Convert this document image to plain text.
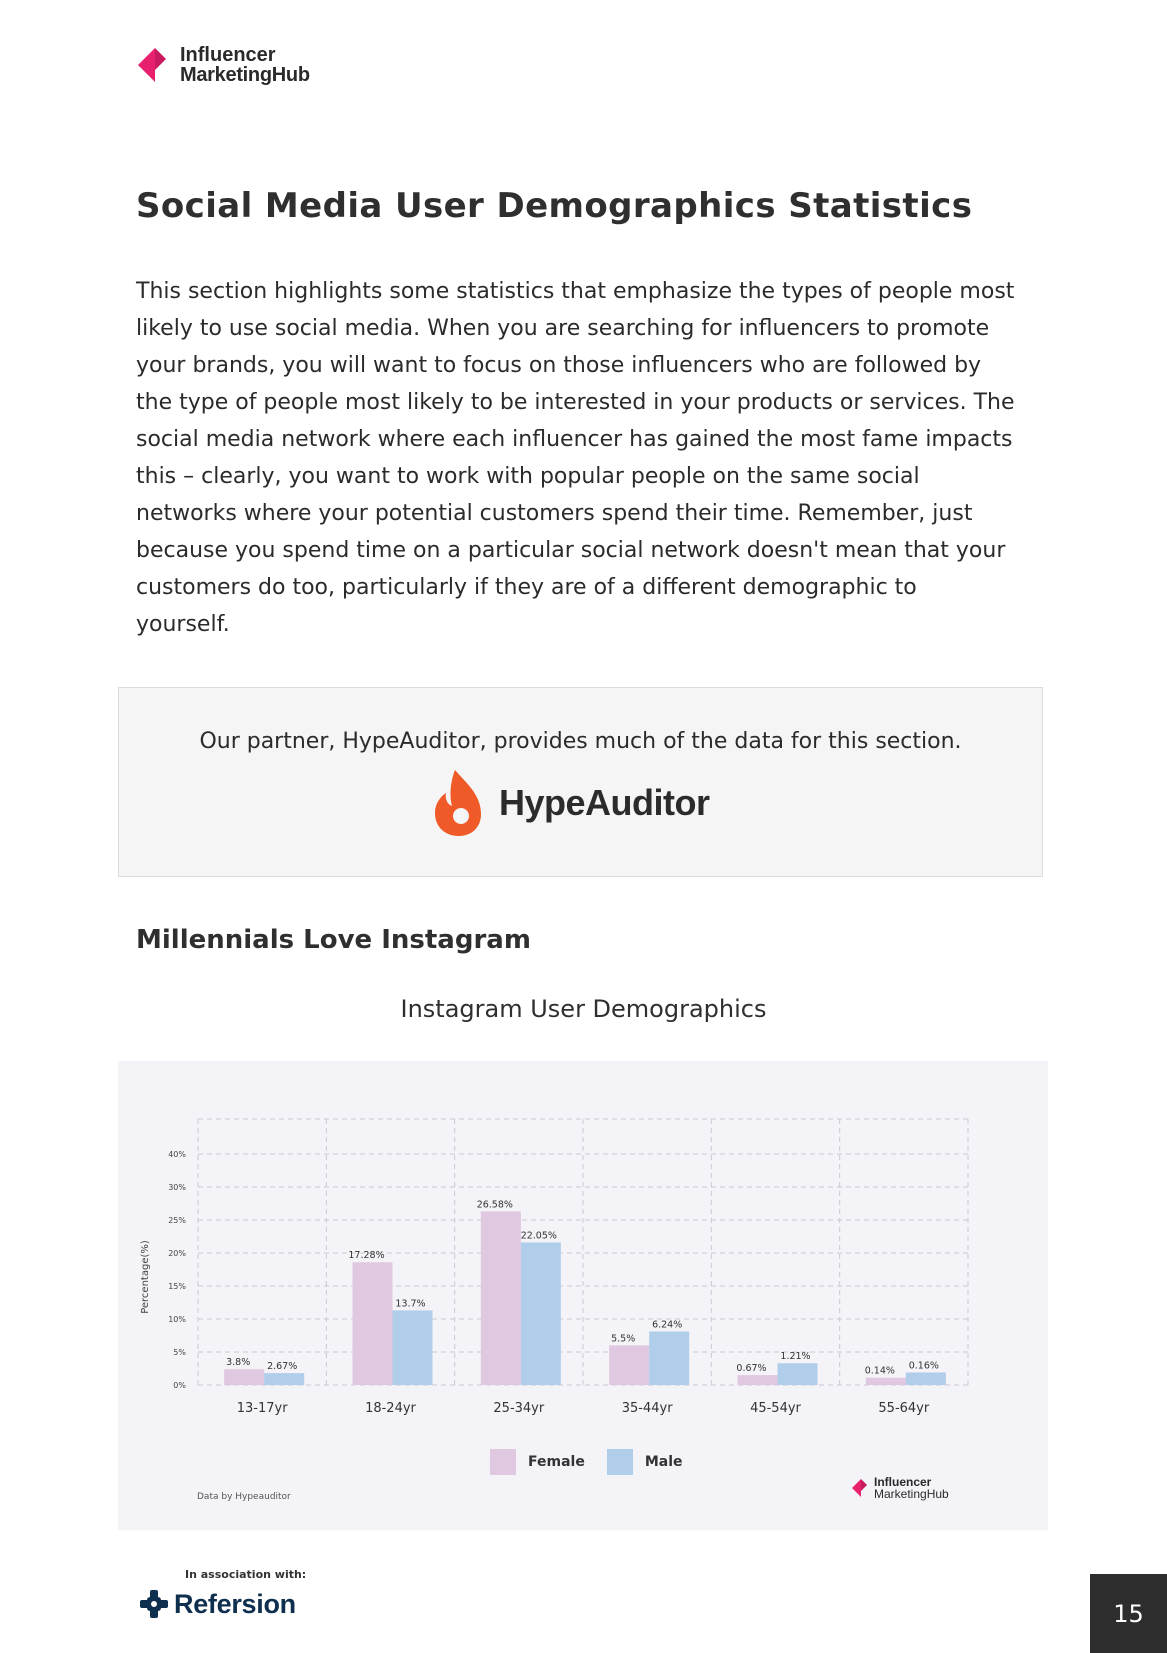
Influencer
MarketingHub
Social Media User Demographics Statistics

This section highlights some statistics that emphasize the types of people most likely to use social media. When you are searching for influencers to promote your brands, you will want to focus on those influencers who are followed by the type of people most likely to be interested in your products or services. The social media network where each influencer has gained the most fame impacts this – clearly, you want to work with popular people on the same social networks where your potential customers spend their time. Remember, just because you spend time on a particular social network doesn't mean that your customers do too, particularly if they are of a different demographic to yourself.

Our partner, HypeAuditor, provides much of the data for this section.
HypeAuditor
Millennials Love Instagram
Instagram User Demographics
0%
5%
10%
15%
20%
25%
30%
40%
Percentage(%)
3.8% 2.67%
13-17yr
17.28%
13.7%
18-24yr
26.58%
22.05%
25-34yr
5.5%
6.24%
35-44yr
0.67%
1.21%
45-54yr
0.14% 0.16%
55-64yr
Female	Male
Data by Hypeauditor
Influencer
MarketingHub
In association with:
Refersion	15
